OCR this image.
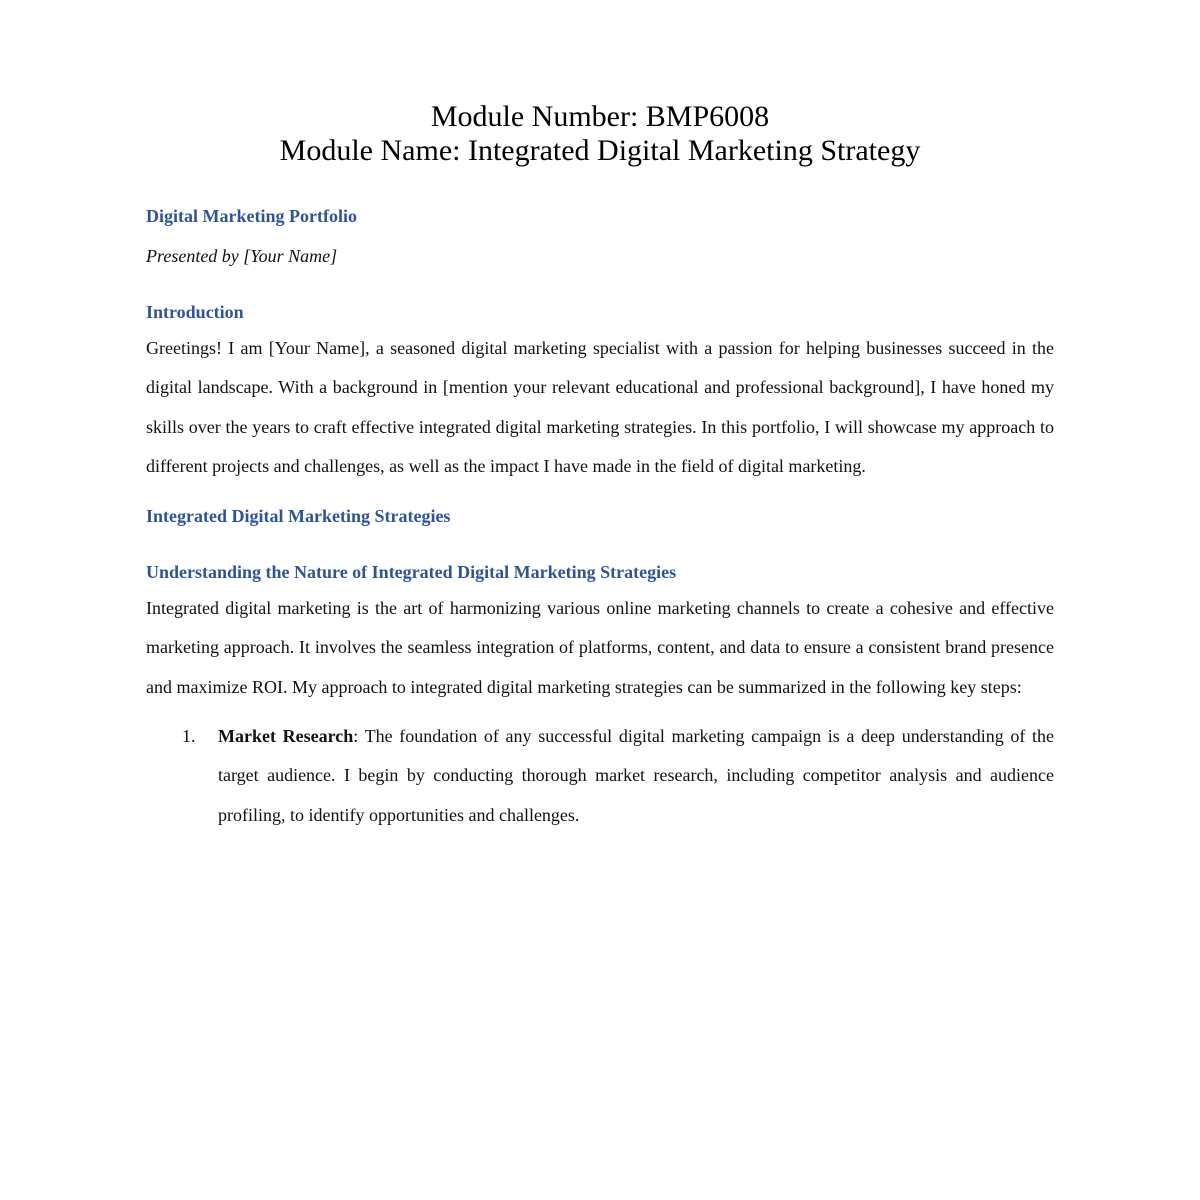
Module Number: BMP6008
Module Name: Integrated Digital Marketing Strategy

Digital Marketing Portfolio

Presented by [Your Name]

Introduction

Greetings! I am [Your Name], a seasoned digital marketing specialist with a passion for helping businesses succeed in the digital landscape. With a background in [mention your relevant educational and professional background], I have honed my skills over the years to craft effective integrated digital marketing strategies. In this portfolio, I will showcase my approach to different projects and challenges, as well as the impact I have made in the field of digital marketing.

Integrated Digital Marketing Strategies

Understanding the Nature of Integrated Digital Marketing Strategies

Integrated digital marketing is the art of harmonizing various online marketing channels to create a cohesive and effective marketing approach. It involves the seamless integration of platforms, content, and data to ensure a consistent brand presence and maximize ROI. My approach to integrated digital marketing strategies can be summarized in the following key steps:

1. Market Research: The foundation of any successful digital marketing campaign is a deep understanding of the target audience. I begin by conducting thorough market research, including competitor analysis and audience profiling, to identify opportunities and challenges.
